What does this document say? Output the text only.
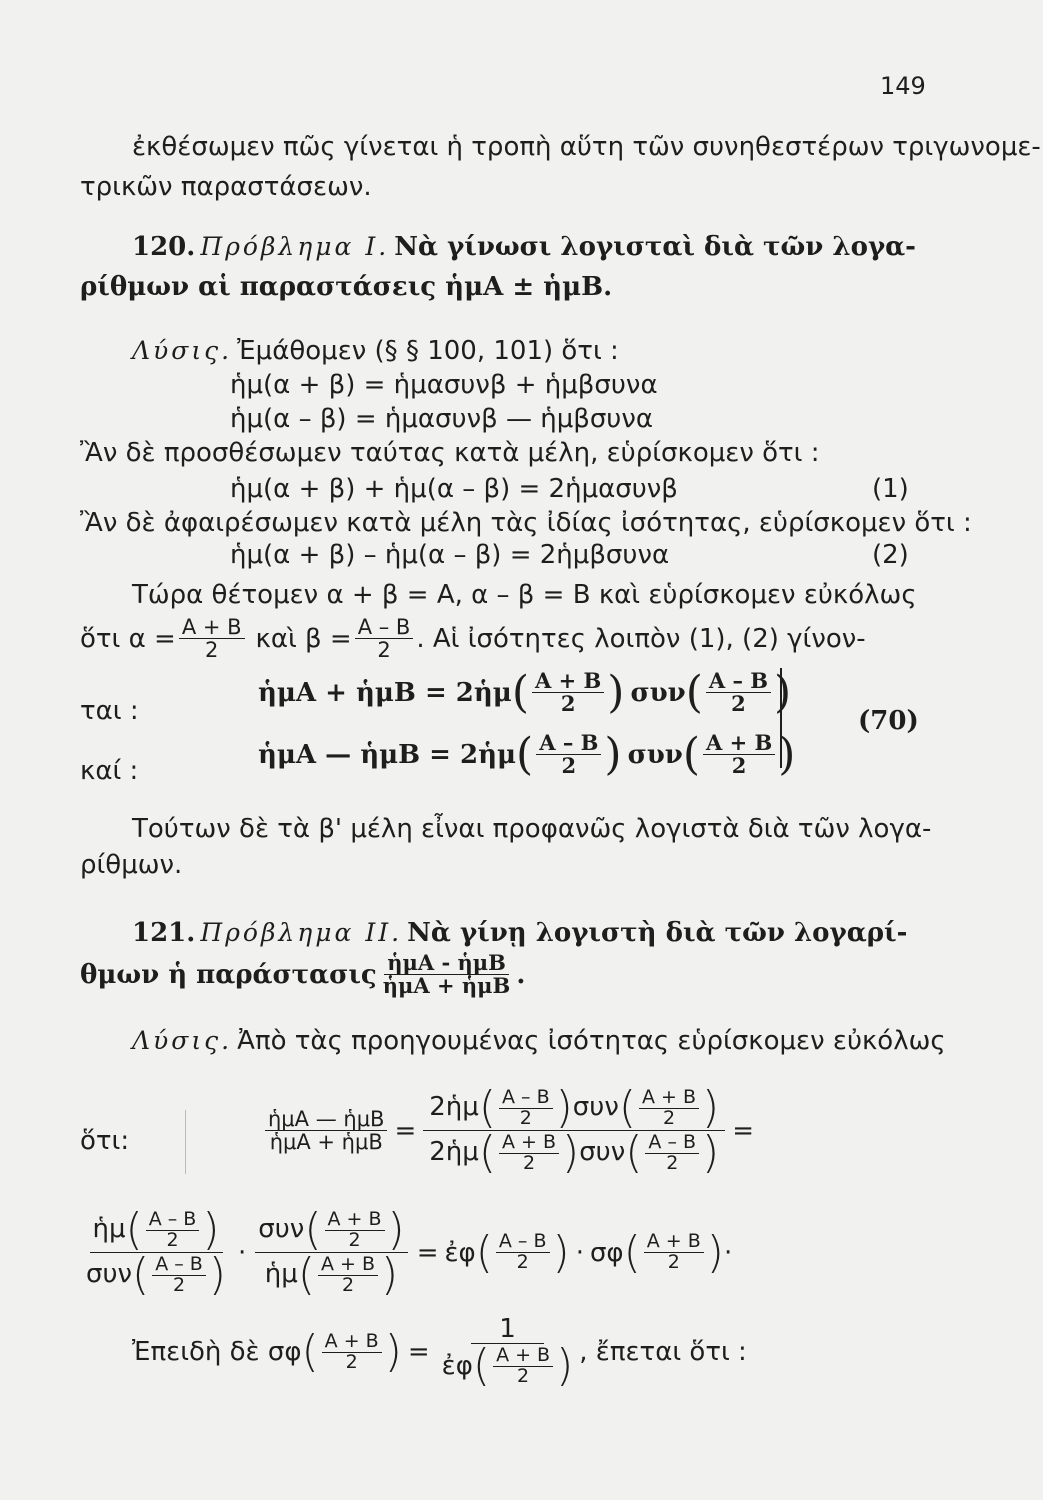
149
ἐκθέσωμεν πῶς γίνεται ἡ τροπὴ αὕτη τῶν συνηθεστέρων τριγωνομε-
τρικῶν παραστάσεων.
120. Πρόβλημα I. Νὰ γίνωσι λογισταὶ διὰ τῶν λογα-
ρίθμων αἱ παραστάσεις ἡμΑ ± ἡμΒ.
Λύσις. Ἐμάθομεν (§ § 100, 101) ὅτι :
ἡμ(α + β) = ἡμασυνβ + ἡμβσυνα
ἡμ(α – β) = ἡμασυνβ — ἡμβσυνα
Ἂν δὲ προσθέσωμεν ταύτας κατὰ μέλη, εὑρίσκομεν ὅτι :
ἡμ(α + β) + ἡμ(α – β) = 2ἡμασυνβ	(1)
Ἂν δὲ ἀφαιρέσωμεν κατὰ μέλη τὰς ἰδίας ἰσότητας, εὑρίσκομεν ὅτι :
ἡμ(α + β) – ἡμ(α – β) = 2ἡμβσυνα	(2)
Τώρα θέτομεν α + β = Α, α – β = Β καὶ εὑρίσκομεν εὐκόλως
ὅτι $\alpha = \frac{A + B}{2}$ καὶ $\beta = \frac{A - B}{2}$ . Αἱ ἰσότητες λοιπὸν (1), (2) γίνον-
ται :
καί :
ἡμΑ + ἡμΒ = 2ἡμ ( $\frac{A + B}{2}$ ) συν ( $\frac{A - B}{2}$ )
ἡμΑ — ἡμΒ = 2ἡμ ( $\frac{A - B}{2}$ ) συν ( $\frac{A + B}{2}$ )
(70)
Τούτων δὲ τὰ β' μέλη εἶναι προφανῶς λογιστὰ διὰ τῶν λογα-
ρίθμων.
121. Πρόβλημα II. Νὰ γίνῃ λογιστὴ διὰ τῶν λογαρί-
θμων ἡ παράστασις $\frac{\text{ἡμΑ - ἡμΒ}}{\text{ἡμΑ + ἡμΒ}}$ .
Λύσις. Ἀπὸ τὰς προηγουμένας ἰσότητας εὑρίσκομεν εὐκόλως
ὅτι:	$\frac{\text{ἡμΑ — ἡμΒ}}{\text{ἡμΑ + ἡμΒ}}$ =
2ἡμ ( $\frac{A - B}{2}$ ) συν ( $\frac{A + B}{2}$ )
2ἡμ ( $\frac{A + B}{2}$ ) συν ( $\frac{A - B}{2}$ ) =
ἡμ ( $\frac{A - B}{2}$ )
συν ( $\frac{A - B}{2}$ ) ·
συν ( $\frac{A + B}{2}$ )
ἡμ ( $\frac{A + B}{2}$ ) = ἐφ ( $\frac{A - B}{2}$ ) · σφ ( $\frac{A + B}{2}$ ) ·
Ἐπειδὴ δὲ σφ ( $\frac{A + B}{2}$ ) =
1
ἐφ ( $\frac{A + B}{2}$ ) , ἔπεται ὅτι :
